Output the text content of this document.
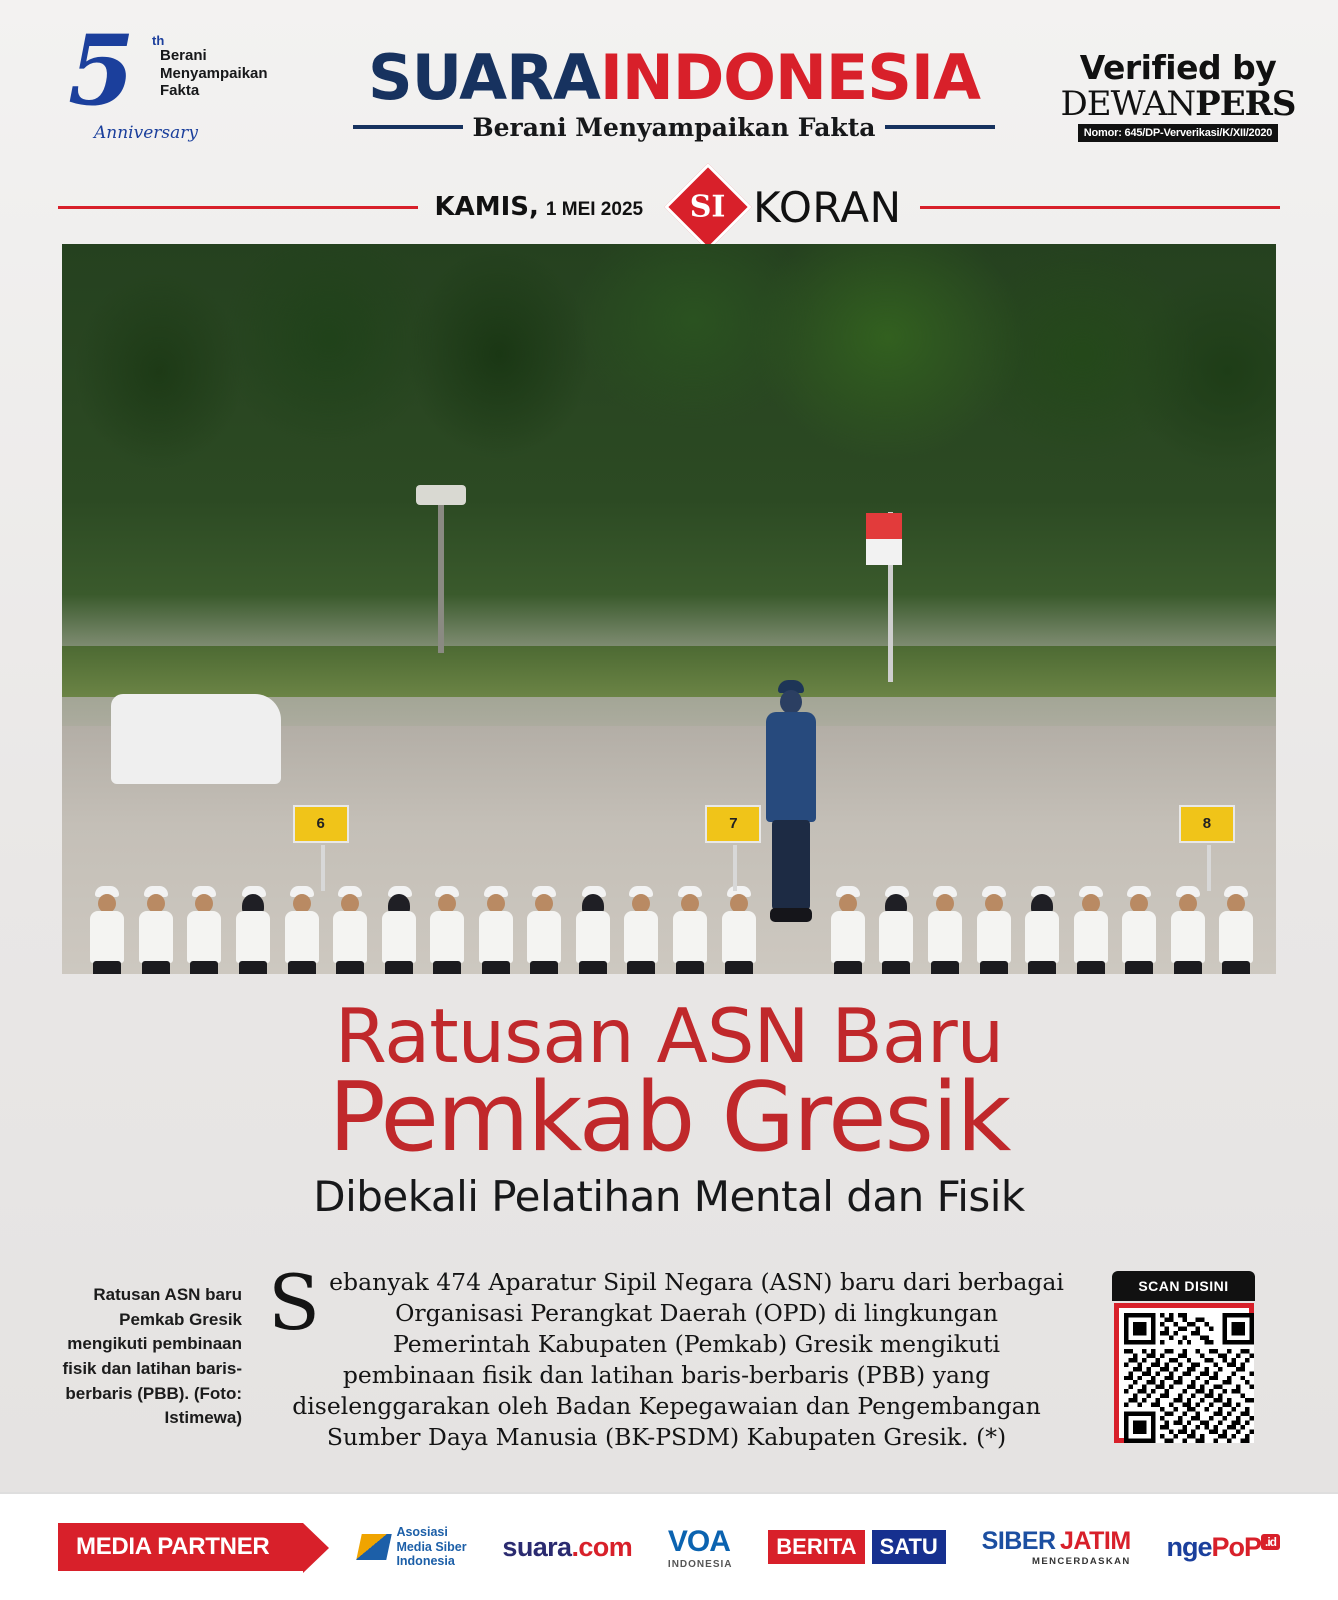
5 th
Berani Menyampaikan Fakta
Anniversary
SUARAINDONESIA
Berani Menyampaikan Fakta
Verified by
DEWANPERS
Nomor: 645/DP-Ververikasi/K/XII/2020
KAMIS, 1 MEI 2025 SI KORAN
6	7	8
Ratusan ASN Baru
Pemkab Gresik
Dibekali Pelatihan Mental dan Fisik
Ratusan ASN baru Pemkab Gresik mengikuti pembinaan fisik dan latihan baris-berbaris (PBB). (Foto: Istimewa)
Sebanyak 474 Aparatur Sipil Negara (ASN) baru dari berbagai Organisasi Perangkat Daerah (OPD) di lingkungan Pemerintah Kabupaten (Pemkab) Gresik mengikuti pembinaan fisik dan latihan baris-berbaris (PBB) yang diselenggarakan oleh Badan Kepegawaian dan Pengembangan Sumber Daya Manusia (BK-PSDM) Kabupaten Gresik. (*)
SCAN DISINI
MEDIA PARTNER
Asosiasi
Media Siber
Indonesia	suara.com VOA
INDONESIA
BERITA	SATU	SIBER JATIM
MENCERDASKAN ngePoP $^{.id}$
